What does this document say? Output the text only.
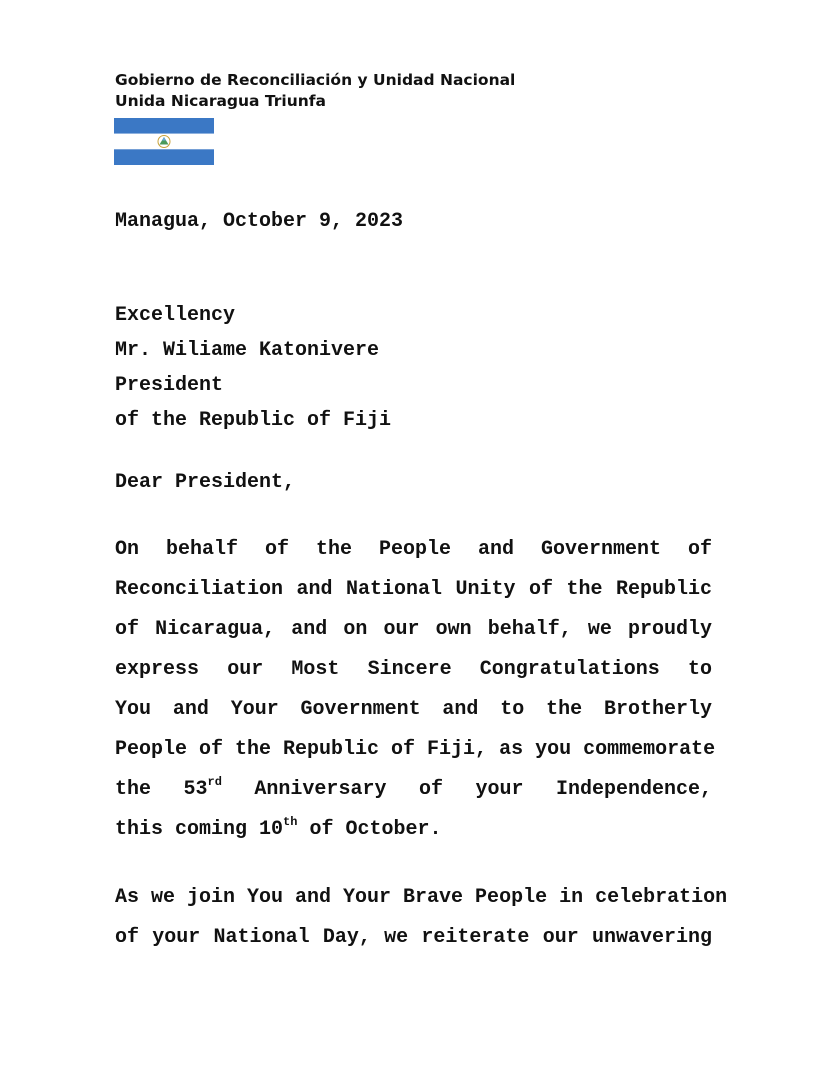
Gobierno de Reconciliación y Unidad Nacional
Unida Nicaragua Triunfa

Managua, October 9, 2023

Excellency
Mr. Wiliame Katonivere
President
of the Republic of Fiji

Dear President,

On behalf of the People and Government of
Reconciliation and National Unity of the Republic
of Nicaragua, and on our own behalf, we proudly
express our Most Sincere Congratulations to
You and Your Government and to the Brotherly
People of the Republic of Fiji, as you commemorate
the 53rd Anniversary of your Independence,
this coming 10th of October.
As we join You and Your Brave People in celebration
of your National Day, we reiterate our unwavering
